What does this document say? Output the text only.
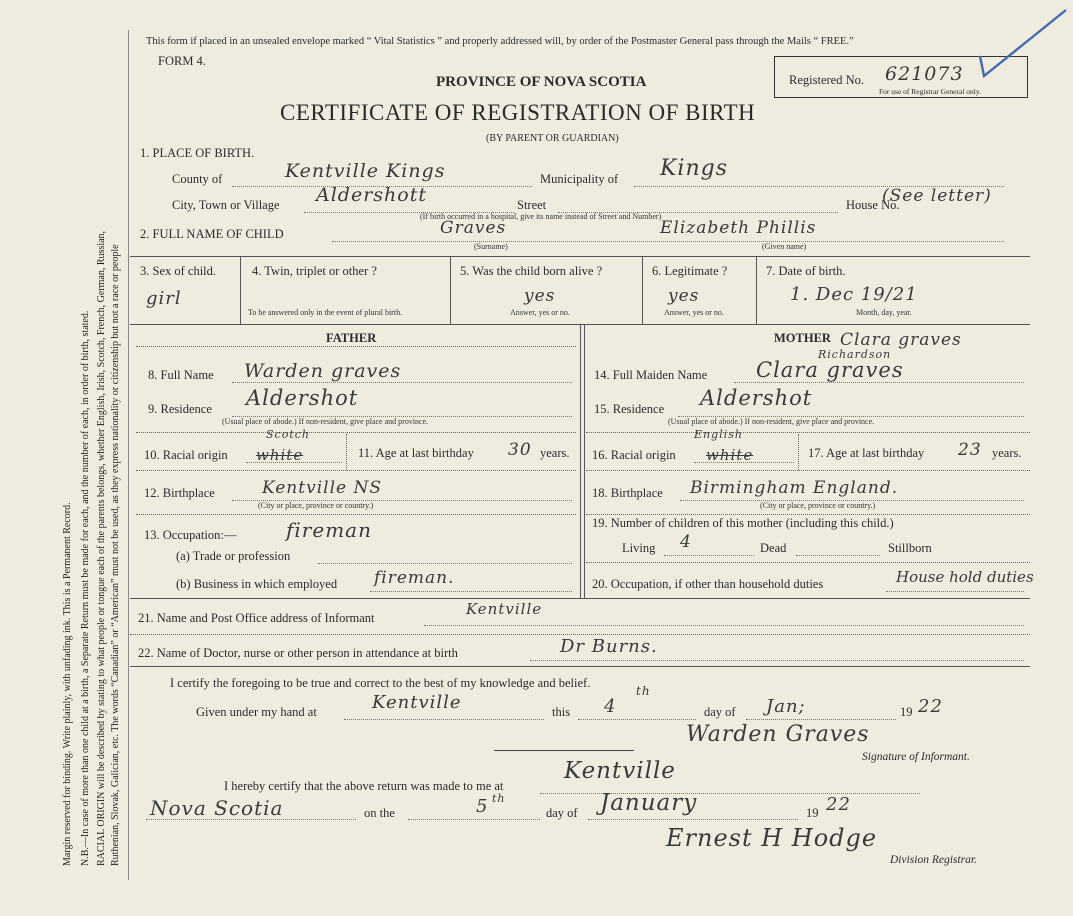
Margin reserved for binding. Write plainly, with unfading ink. This is a Permanent Record. N.B.—In case of more than one child at a birth, a Separate Return must be made for each, and the number of each, in order of birth, stated. RACIAL ORIGIN will be described by stating to what people or tongue each of the parents belongs, whether English, Irish, Scotch, French, German, Russian, Ruthenian, Slovak, Galician, etc. The words “Canadian” or “American” must not be used, as they express nationality or citizenship but not a race or people
This form if placed in an unsealed envelope marked “ Vital Statistics ” and properly addressed will, by order of the Postmaster General pass through the Mails “ FREE.”
FORM 4.
PROVINCE OF NOVA SCOTIA
CERTIFICATE OF REGISTRATION OF BIRTH
(BY PARENT OR GUARDIAN)
Registered No. 621073
For use of Registrar General only.
1. PLACE OF BIRTH.
County of	Kentville Kings	Municipality of Kings
City, Town or Village Aldershott	Street	House No.
(See letter)
(If birth occurred in a hospital, give its name instead of Street and Number)
2. FULL NAME OF CHILD	Graves
(Surname)
Elizabeth Phillis
(Given name)
3. Sex of child.
girl
4. Twin, triplet or other ?
To be answered only in the event of plural birth.
5. Was the child born alive ?
yes
Answer, yes or no.
6. Legitimate ?
yes
Answer, yes or no.
7. Date of birth.
1. Dec 19/21
Month, day, year.
FATHER	MOTHER Clara graves
Richardson
8. Full Name Warden graves
9. Residence Aldershot
(Usual place of abode.) If non-resident, give place and province.
10. Racial origin white
Scotch
11. Age at last birthday 30 years.
12. Birthplace	Kentville NS
(City or place, province or country.)
13. Occupation:— fireman
(a) Trade or profession
(b) Business in which employed fireman.
14. Full Maiden Name Clara graves
15. Residence Aldershot
(Usual place of abode.) If non-resident, give place and province.
16. Racial origin white
English
17. Age at last birthday 23 years.
18. Birthplace Birmingham England.
(City or place, province or country.)
19. Number of children of this mother (including this child.)
Living 4	Dead	Stillborn
20. Occupation, if other than household duties	House hold duties
21. Name and Post Office address of Informant	Kentville
22. Name of Doctor, nurse or other person in attendance at birth	Dr Burns.
I certify the foregoing to be true and correct to the best of my knowledge and belief.
Given under my hand at	Kentville	this 4
th
day of Jan;	19 22
Warden Graves
Signature of Informant.
I hereby certify that the above return was made to me at
Kentville
Nova Scotia	on the	5 th
day of January	19 22
Ernest H Hodge
Division Registrar.
